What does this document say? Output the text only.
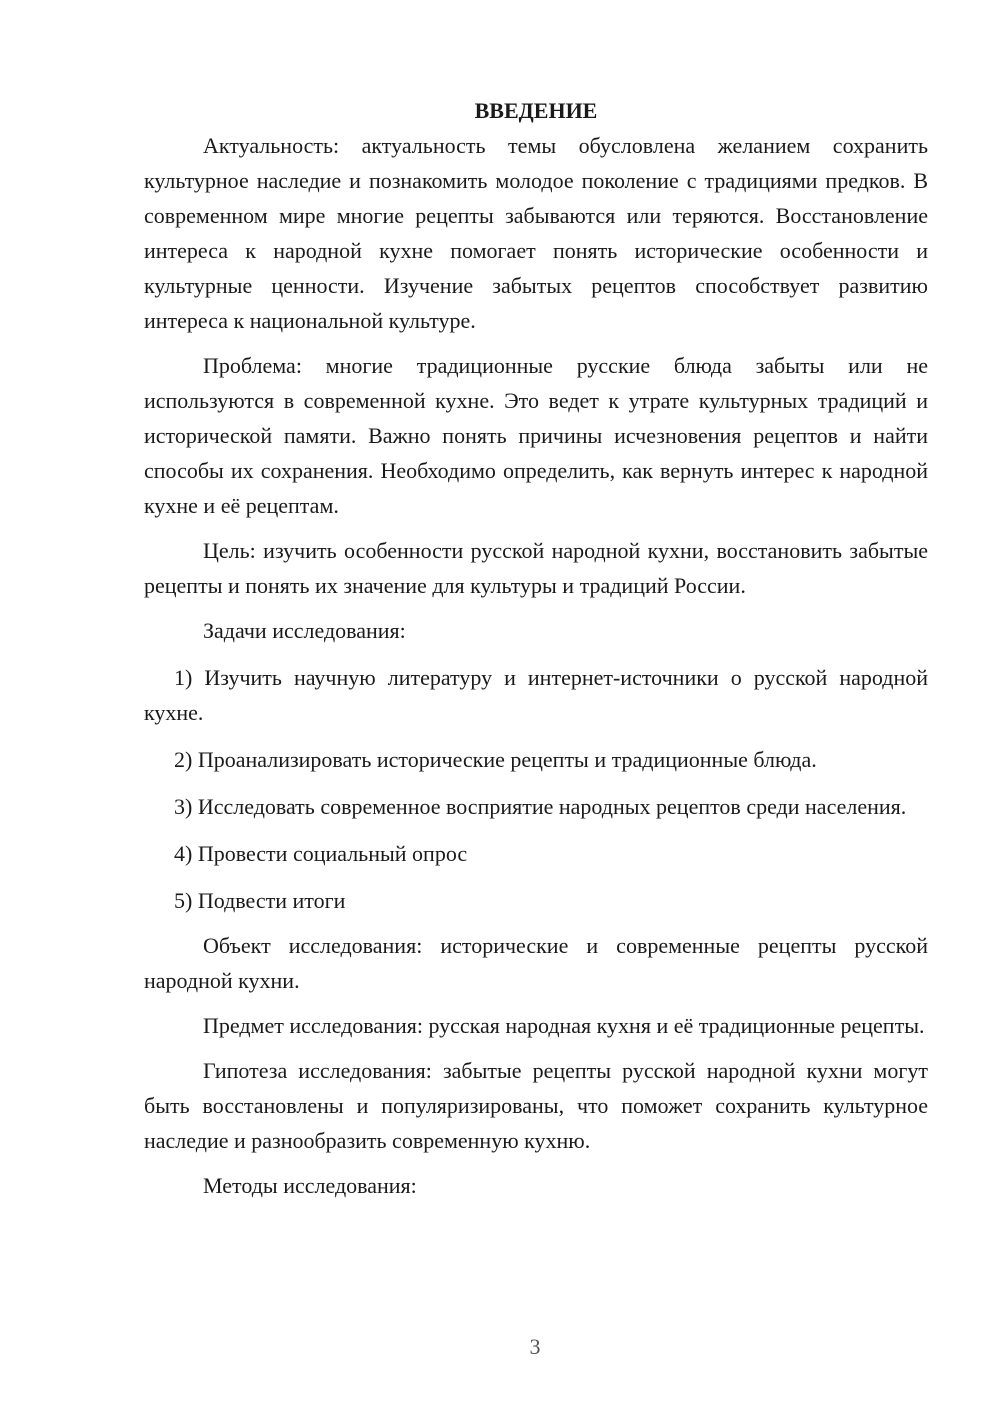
ВВЕДЕНИЕ

Актуальность: актуальность темы обусловлена желанием сохранить культурное наследие и познакомить молодое поколение с традициями предков. В современном мире многие рецепты забываются или теряются. Восстановление интереса к народной кухне помогает понять исторические особенности и культурные ценности. Изучение забытых рецептов способствует развитию интереса к национальной культуре.

Проблема: многие традиционные русские блюда забыты или не используются в современной кухне. Это ведет к утрате культурных традиций и исторической памяти. Важно понять причины исчезновения рецептов и найти способы их сохранения. Необходимо определить, как вернуть интерес к народной кухне и её рецептам.

Цель: изучить особенности русской народной кухни, восстановить забытые рецепты и понять их значение для культуры и традиций России.

Задачи исследования:

1) Изучить научную литературу и интернет-источники о русской народной кухне.

2) Проанализировать исторические рецепты и традиционные блюда.

3) Исследовать современное восприятие народных рецептов среди населения.

4) Провести социальный опрос

5) Подвести итоги

Объект исследования: исторические и современные рецепты русской народной кухни.

Предмет исследования: русская народная кухня и её традиционные рецепты.

Гипотеза исследования: забытые рецепты русской народной кухни могут быть восстановлены и популяризированы, что поможет сохранить культурное наследие и разнообразить современную кухню.

Методы исследования:

3
